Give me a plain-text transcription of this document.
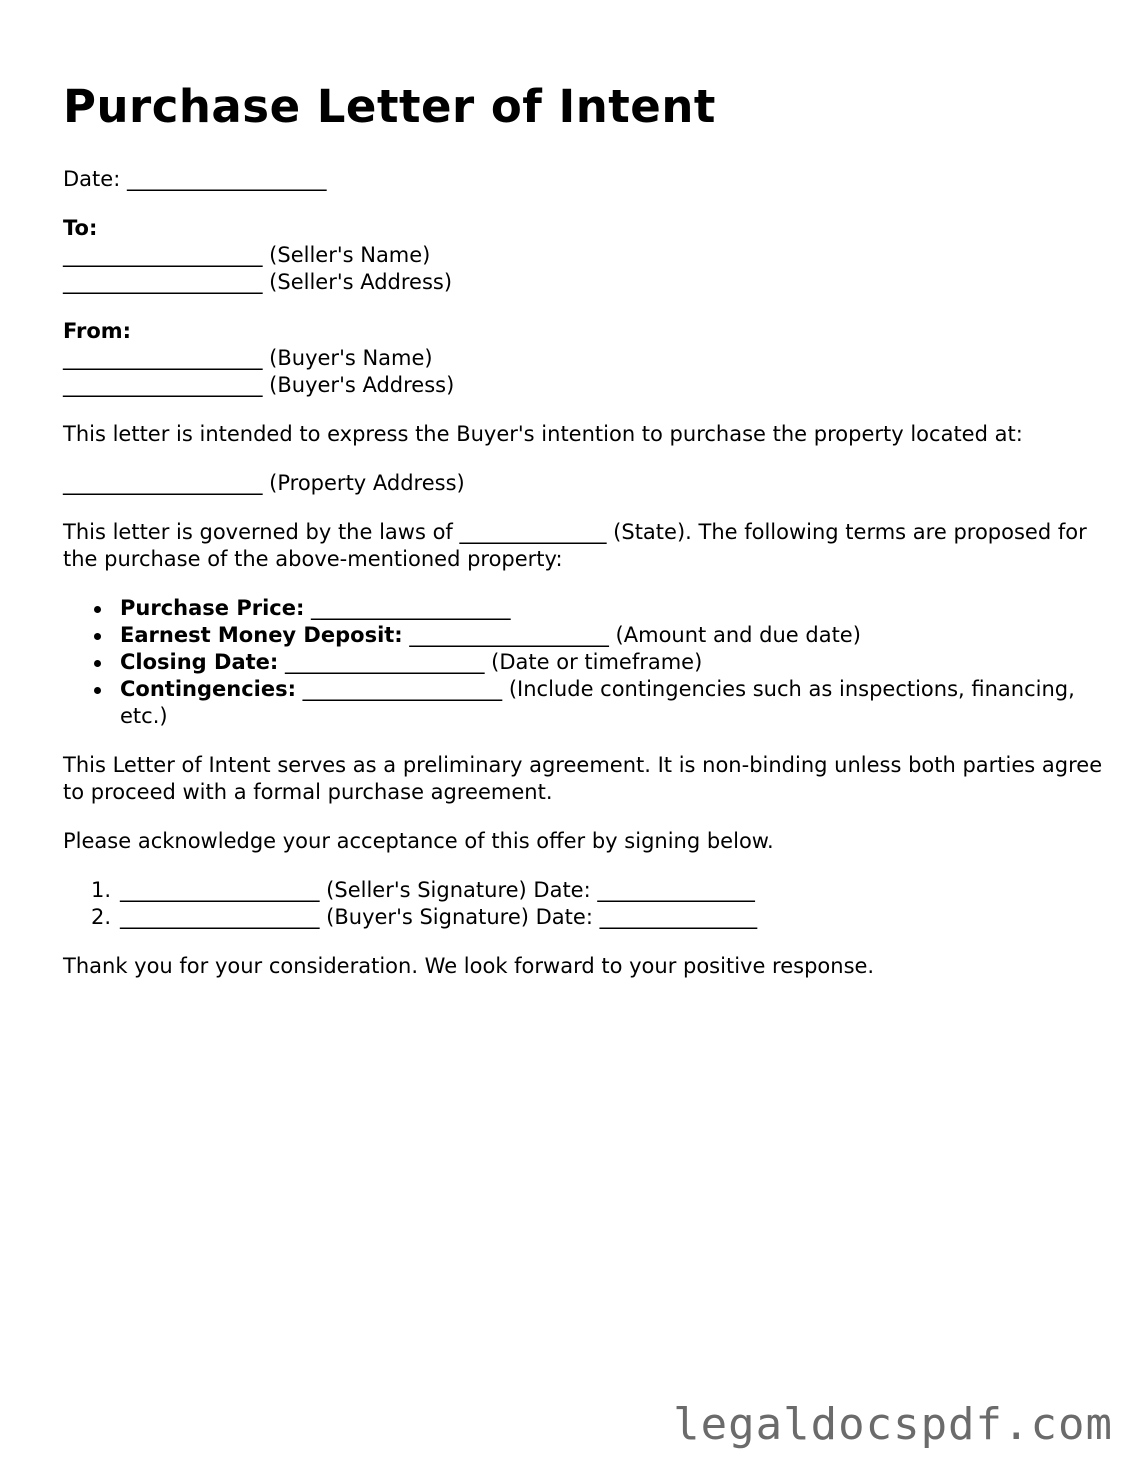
Purchase Letter of Intent

Date: ___________________

To:

___________________ (Seller's Name)

___________________ (Seller's Address)

From:

___________________ (Buyer's Name)

___________________ (Buyer's Address)

This letter is intended to express the Buyer's intention to purchase the property located at:

___________________ (Property Address)

This letter is governed by the laws of ______________ (State). The following terms are proposed for the purchase of the above-mentioned property:

Purchase Price: ___________________
Earnest Money Deposit: ___________________ (Amount and due date)
Closing Date: ___________________ (Date or timeframe)
Contingencies: ___________________ (Include contingencies such as inspections, financing, etc.)

This Letter of Intent serves as a preliminary agreement. It is non-binding unless both parties agree to proceed with a formal purchase agreement.

Please acknowledge your acceptance of this offer by signing below.

1. ___________________ (Seller's Signature) Date: _______________
2. ___________________ (Buyer's Signature) Date: _______________

Thank you for your consideration. We look forward to your positive response.

legaldocspdf.com
